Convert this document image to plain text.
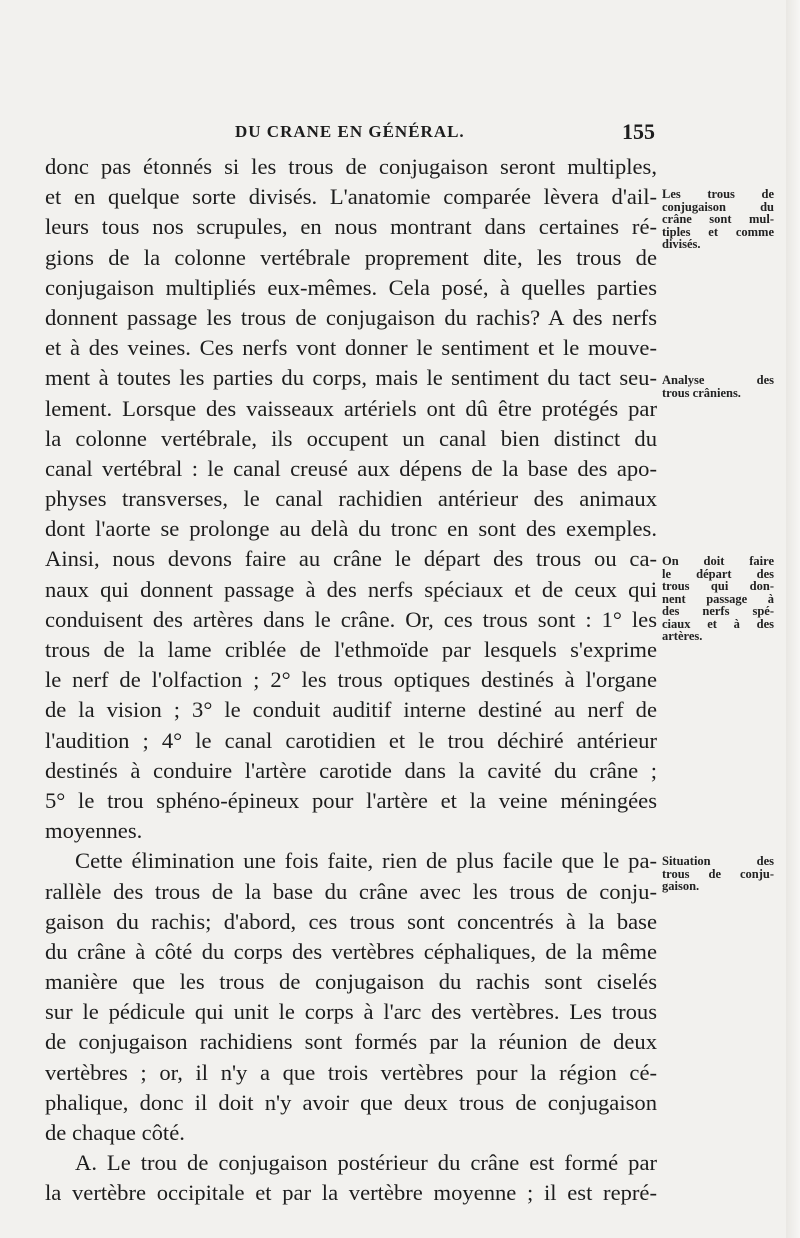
DU CRANE EN GÉNÉRAL.	155
donc pas étonnés si les trous de conjugaison seront multiples,
et en quelque sorte divisés. L'anatomie comparée lèvera d'ail-
leurs tous nos scrupules, en nous montrant dans certaines ré-
gions de la colonne vertébrale proprement dite, les trous de
conjugaison multipliés eux-mêmes. Cela posé, à quelles parties
donnent passage les trous de conjugaison du rachis? A des nerfs
et à des veines. Ces nerfs vont donner le sentiment et le mouve-
ment à toutes les parties du corps, mais le sentiment du tact seu-
lement. Lorsque des vaisseaux artériels ont dû être protégés par
la colonne vertébrale, ils occupent un canal bien distinct du
canal vertébral : le canal creusé aux dépens de la base des apo-
physes transverses, le canal rachidien antérieur des animaux
dont l'aorte se prolonge au delà du tronc en sont des exemples.
Ainsi, nous devons faire au crâne le départ des trous ou ca-
naux qui donnent passage à des nerfs spéciaux et de ceux qui
conduisent des artères dans le crâne. Or, ces trous sont : 1° les
trous de la lame criblée de l'ethmoïde par lesquels s'exprime
le nerf de l'olfaction ; 2° les trous optiques destinés à l'organe
de la vision ; 3° le conduit auditif interne destiné au nerf de
l'audition ; 4° le canal carotidien et le trou déchiré antérieur
destinés à conduire l'artère carotide dans la cavité du crâne ;
5° le trou sphéno-épineux pour l'artère et la veine méningées
moyennes.
Cette élimination une fois faite, rien de plus facile que le pa-
rallèle des trous de la base du crâne avec les trous de conju-
gaison du rachis; d'abord, ces trous sont concentrés à la base
du crâne à côté du corps des vertèbres céphaliques, de la même
manière que les trous de conjugaison du rachis sont ciselés
sur le pédicule qui unit le corps à l'arc des vertèbres. Les trous
de conjugaison rachidiens sont formés par la réunion de deux
vertèbres ; or, il n'y a que trois vertèbres pour la région cé-
phalique, donc il doit n'y avoir que deux trous de conjugaison
de chaque côté.
A. Le trou de conjugaison postérieur du crâne est formé par
la vertèbre occipitale et par la vertèbre moyenne ; il est repré-
Les trous de
conjugaison du
crâne sont mul-
tiples et comme
divisés.
Analyse des
trous crâniens.
On doit faire
le départ des
trous qui don-
nent passage à
des nerfs spé-
ciaux et à des
artères.
Situation des
trous de conju-
gaison.
